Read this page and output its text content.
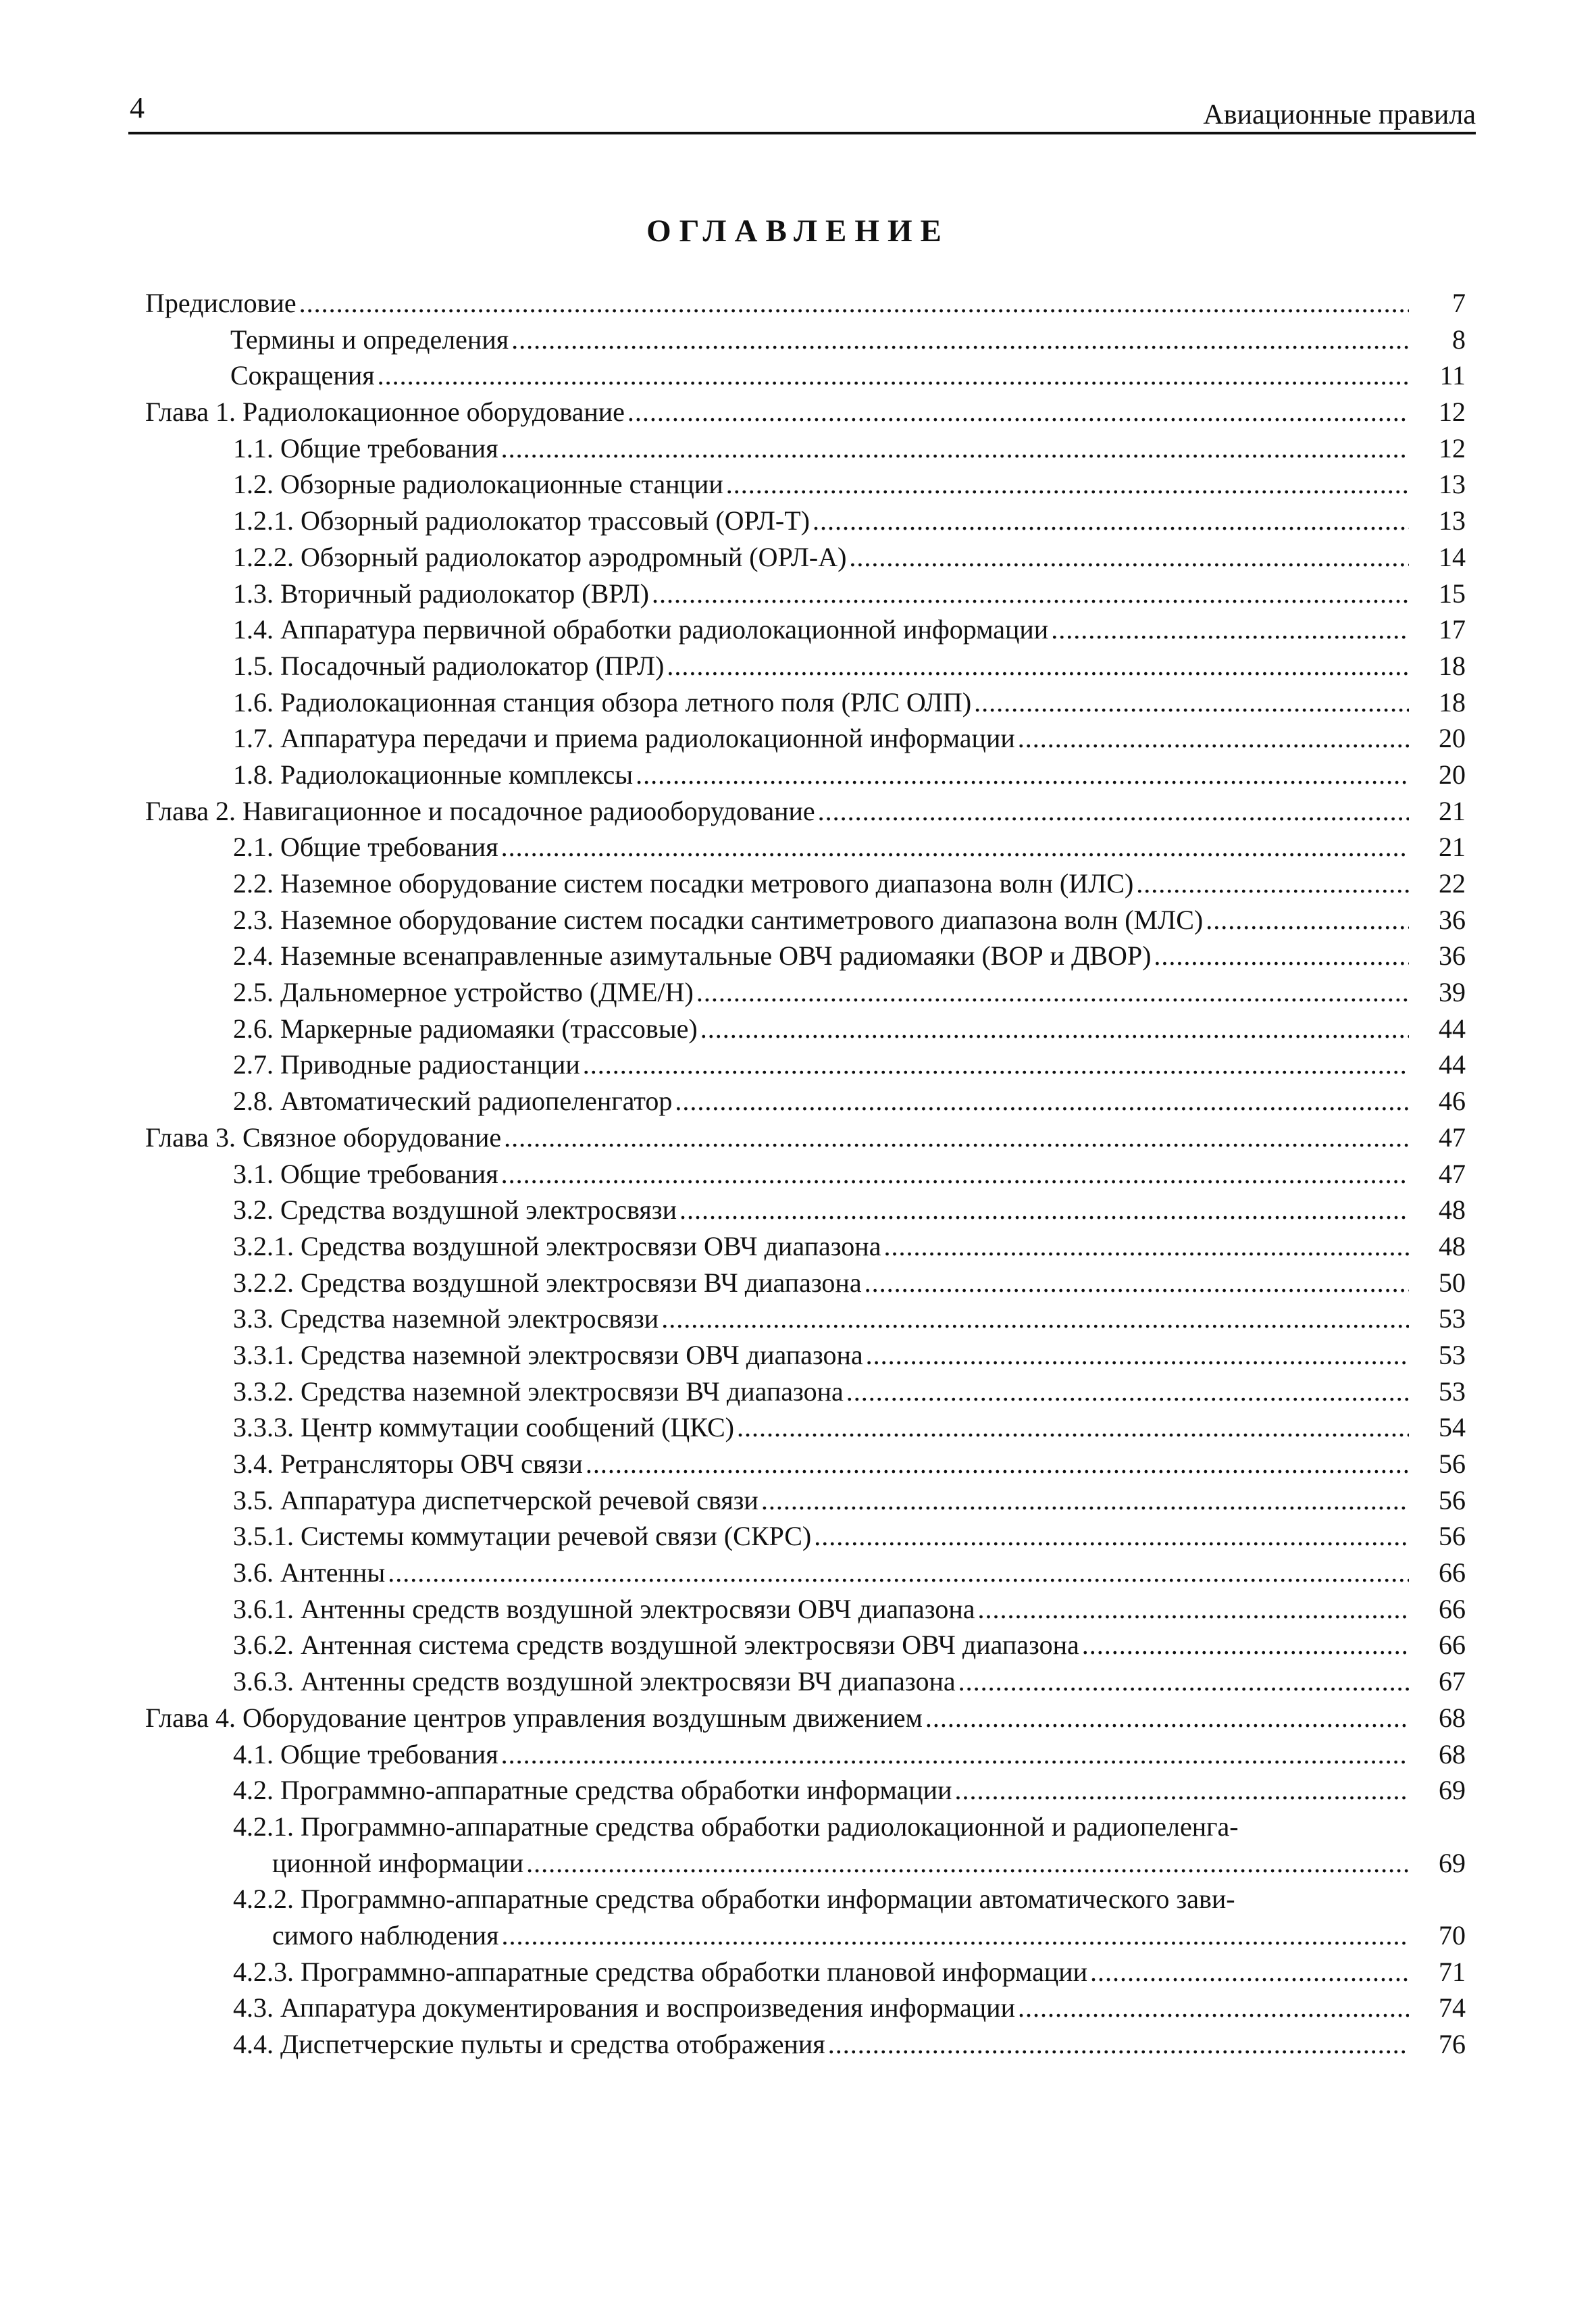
4	Авиационные правила
ОГЛАВЛЕНИЕ
Предисловие .....	7
Термины и определения .....	8
Сокращения .....	11
Глава 1. Радиолокационное оборудование .....	12
1.1. Общие требования .....	12
1.2. Обзорные радиолокационные станции .....	13
1.2.1. Обзорный радиолокатор трассовый (ОРЛ-Т) .....	13
1.2.2. Обзорный радиолокатор аэродромный (ОРЛ-А) .....	14
1.3. Вторичный радиолокатор (ВРЛ) .....	15
1.4. Аппаратура первичной обработки радиолокационной информации .....	17
1.5. Посадочный радиолокатор (ПРЛ) .....	18
1.6. Радиолокационная станция обзора летного поля (РЛС ОЛП) .....	18
1.7. Аппаратура передачи и приема радиолокационной информации .....	20
1.8. Радиолокационные комплексы .....	20
Глава 2. Навигационное и посадочное радиооборудование .....	21
2.1. Общие требования .....	21
2.2. Наземное оборудование систем посадки метрового диапазона волн (ИЛС) .....	22
2.3. Наземное оборудование систем посадки сантиметрового диапазона волн (МЛС) .....	36
2.4. Наземные всенаправленные азимутальные ОВЧ радиомаяки (ВОР и ДВОР) .....	36
2.5. Дальномерное устройство (ДМЕ/Н) .....	39
2.6. Маркерные радиомаяки (трассовые) .....	44
2.7. Приводные радиостанции .....	44
2.8. Автоматический радиопеленгатор .....	46
Глава 3. Связное оборудование .....	47
3.1. Общие требования .....	47
3.2. Средства воздушной электросвязи .....	48
3.2.1. Средства воздушной электросвязи ОВЧ диапазона .....	48
3.2.2. Средства воздушной электросвязи ВЧ диапазона .....	50
3.3. Средства наземной электросвязи .....	53
3.3.1. Средства наземной электросвязи ОВЧ диапазона .....	53
3.3.2. Средства наземной электросвязи ВЧ диапазона .....	53
3.3.3. Центр коммутации сообщений (ЦКС) .....	54
3.4. Ретрансляторы ОВЧ связи .....	56
3.5. Аппаратура диспетчерской речевой связи .....	56
3.5.1. Системы коммутации речевой связи (СКРС) .....	56
3.6. Антенны .....	66
3.6.1. Антенны средств воздушной электросвязи ОВЧ диапазона .....	66
3.6.2. Антенная система средств воздушной электросвязи ОВЧ диапазона .....	66
3.6.3. Антенны средств воздушной электросвязи ВЧ диапазона .....	67
Глава 4. Оборудование центров управления воздушным движением .....	68
4.1. Общие требования .....	68
4.2. Программно-аппаратные средства обработки информации .....	69
4.2.1. Программно-аппаратные средства обработки радиолокационной и радиопеленга-
ционной информации .....	69
4.2.2. Программно-аппаратные средства обработки информации автоматического зави-
симого наблюдения .....	70
4.2.3. Программно-аппаратные средства обработки плановой информации .....	71
4.3. Аппаратура документирования и воспроизведения информации .....	74
4.4. Диспетчерские пульты и средства отображения .....	76
